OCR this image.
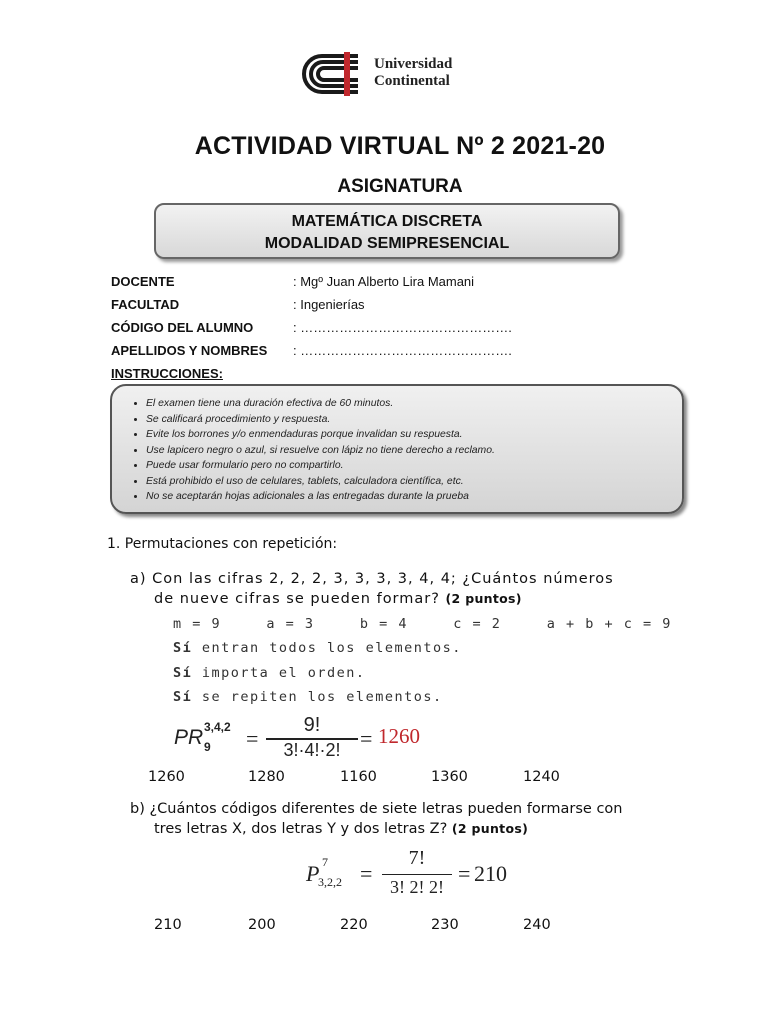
Universidad
Continental
ACTIVIDAD VIRTUAL Nº 2 2021-20
ASIGNATURA
MATEMÁTICA DISCRETA
MODALIDAD SEMIPRESENCIAL
DOCENTE	: Mgº Juan Alberto Lira Mamani
FACULTAD	: Ingenierías
CÓDIGO DEL ALUMNO	: ………………………………………….
APELLIDOS Y NOMBRES : ………………………………………….
INSTRUCCIONES:
• El examen tiene una duración efectiva de 60 minutos.
• Se calificará procedimiento y respuesta.
• Evite los borrones y/o enmendaduras porque invalidan su respuesta.
• Use lapicero negro o azul, si resuelve con lápiz no tiene derecho a reclamo.
• Puede usar formulario pero no compartirlo.
• Está prohibido el uso de celulares, tablets, calculadora científica, etc.
• No se aceptarán hojas adicionales a las entregadas durante la prueba
1. Permutaciones con repetición:
a) Con las cifras 2, 2, 2, 3, 3, 3, 3, 4, 4; ¿Cuántos números
de nueve cifras se pueden formar? (2 puntos)
m = 9	a = 3	b = 4	c = 2	a + b + c = 9
Sí entran todos los elementos.
Sí importa el orden.
Sí se repiten los elementos.
PR 3,4,2
9 =
9!
3!·4!·2! = 1260
1260	1280	1160	1360	1240
b) ¿Cuántos códigos diferentes de siete letras pueden formarse con
tres letras X, dos letras Y y dos letras Z? (2 puntos)
P 7
3,2,2 =
7!
3! 2! 2!
= 210
210	200	220	230	240
